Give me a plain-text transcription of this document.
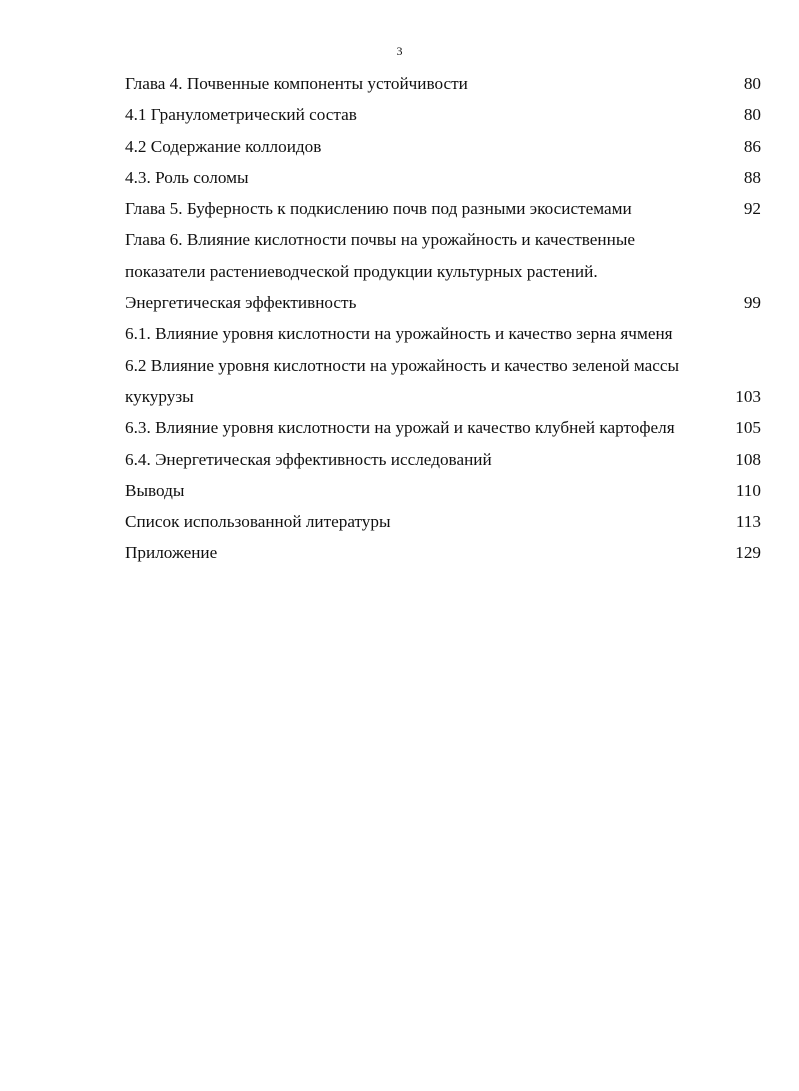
3
Глава 4. Почвенные компоненты устойчивости	80
4.1 Гранулометрический состав	80
4.2 Содержание коллоидов	86
4.3. Роль соломы	88
Глава 5. Буферность к подкислению почв под разными экосистемами	92
Глава 6. Влияние кислотности почвы на урожайность и качественные
показатели растениеводческой продукции культурных растений.
Энергетическая эффективность	99
6.1. Влияние уровня кислотности на урожайность и качество зерна ячменя
6.2 Влияние уровня кислотности на урожайность и качество зеленой массы
кукурузы	103
6.3. Влияние уровня кислотности на урожай и качество клубней картофеля	105
6.4. Энергетическая эффективность исследований	108
Выводы	110
Список использованной литературы	113
Приложение	129
